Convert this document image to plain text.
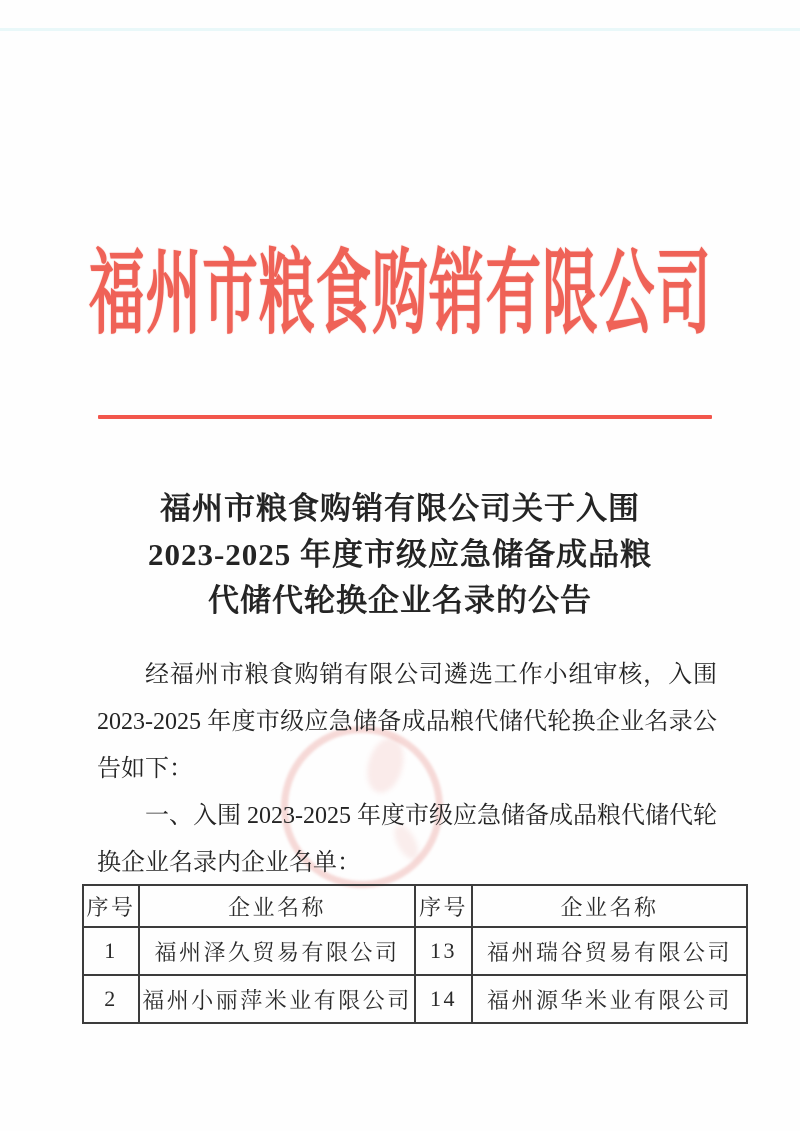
福州市粮食购销有限公司
福州市粮食购销有限公司关于入围
2023-2025 年度市级应急储备成品粮
代储代轮换企业名录的公告

经福州市粮食购销有限公司遴选工作小组审核，入围 2023-2025 年度市级应急储备成品粮代储代轮换企业名录公告如下：

一、入围 2023-2025 年度市级应急储备成品粮代储代轮换企业名录内企业名单：

序号	企业名称	序号	企业名称
1	福州泽久贸易有限公司	13	福州瑞谷贸易有限公司
2	福州小丽萍米业有限公司	14	福州源华米业有限公司
